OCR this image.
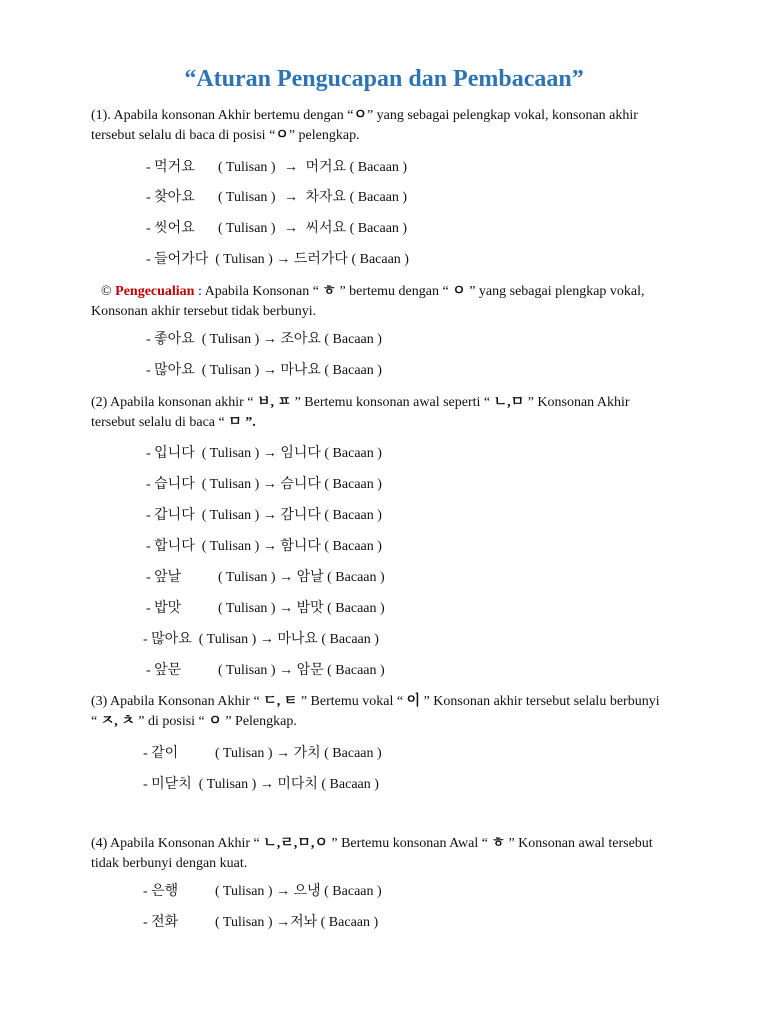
“Aturan Pengucapan dan Pembacaan”
(1). Apabila konsonan Akhir bertemu dengan “ㅇ” yang sebagai pelengkap vokal, konsonan akhir tersebut selalu di baca di posisi “ㅇ” pelengkap.
- 먹거요 ( Tulisan ) → 머거요 ( Bacaan )
- 찾아요 ( Tulisan ) → 차자요 ( Bacaan )
- 씻어요 ( Tulisan ) → 씨서요 ( Bacaan )
- 들어가다 ( Tulisan ) → 드러가다 ( Bacaan )
© Pengecualian : Apabila Konsonan “ ㅎ ” bertemu dengan “ ㅇ ” yang sebagai plengkap vokal, Konsonan akhir tersebut tidak berbunyi.
- 좋아요 ( Tulisan ) → 조아요 ( Bacaan )
- 많아요 ( Tulisan ) → 마나요 ( Bacaan )
(2) Apabila konsonan akhir “ ㅂ, ㅍ ” Bertemu konsonan awal seperti “ ㄴ,ㅁ ” Konsonan Akhir tersebut selalu di baca “ ㅁ ”.
- 입니다 ( Tulisan ) → 임니다 ( Bacaan )
- 습니다 ( Tulisan ) → 슴니다 ( Bacaan )
- 갑니다 ( Tulisan ) → 감니다 ( Bacaan )
- 합니다 ( Tulisan ) → 함니다 ( Bacaan )
- 앞날	( Tulisan ) → 암날 ( Bacaan )
- 밥맛	( Tulisan ) → 밤맛 ( Bacaan )
- 많아요 ( Tulisan ) → 마나요 ( Bacaan )
- 앞문	( Tulisan ) → 암문 ( Bacaan )
(3) Apabila Konsonan Akhir “ ㄷ, ㅌ ” Bertemu vokal “ 이 ” Konsonan akhir tersebut selalu berbunyi “ ㅈ, ㅊ ” di posisi “ ㅇ ” Pelengkap.
- 같이	( Tulisan ) → 가치 ( Bacaan )
- 미닫치 ( Tulisan ) → 미다치 ( Bacaan )
(4) Apabila Konsonan Akhir “ ㄴ,ㄹ,ㅁ,ㅇ ” Bertemu konsonan Awal “ ㅎ ” Konsonan awal tersebut tidak berbunyi dengan kuat.
- 은행	( Tulisan ) → 으냉 ( Bacaan )
- 전화	( Tulisan ) →저놔 ( Bacaan )
